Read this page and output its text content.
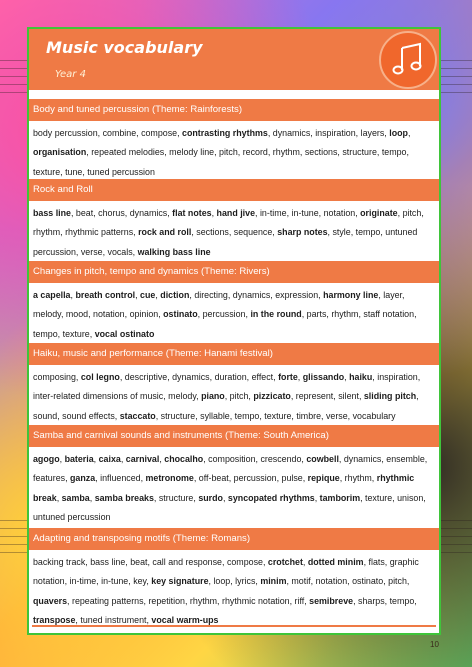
Music vocabulary
Year 4
Body and tuned percussion (Theme: Rainforests)
body percussion, combine, compose, contrasting rhythms, dynamics, inspiration, layers, loop, organisation, repeated melodies, melody line, pitch, record, rhythm, sections, structure, tempo, texture, tune, tuned percussion
Rock and Roll
bass line, beat, chorus, dynamics, flat notes, hand jive, in-time, in-tune, notation, originate, pitch, rhythm, rhythmic patterns, rock and roll, sections, sequence, sharp notes, style, tempo, untuned percussion, verse, vocals, walking bass line
Changes in pitch, tempo and dynamics (Theme: Rivers)
a capella, breath control, cue, diction, directing, dynamics, expression, harmony line, layer, melody, mood, notation, opinion, ostinato, percussion, in the round, parts, rhythm, staff notation, tempo, texture, vocal ostinato
Haiku, music and performance (Theme: Hanami festival)
composing, col legno, descriptive, dynamics, duration, effect, forte, glissando, haiku, inspiration, inter-related dimensions of music, melody, piano, pitch, pizzicato, represent, silent, sliding pitch, sound, sound effects, staccato, structure, syllable, tempo, texture, timbre, verse, vocabulary
Samba and carnival sounds and instruments (Theme: South America)
agogo, bateria, caixa, carnival, chocalho, composition, crescendo, cowbell, dynamics, ensemble, features, ganza, influenced, metronome, off-beat, percussion, pulse, repique, rhythm, rhythmic break, samba, samba breaks, structure, surdo, syncopated rhythms, tamborim, texture, unison, untuned percussion
Adapting and transposing motifs (Theme: Romans)
backing track, bass line, beat, call and response, compose, crotchet, dotted minim, flats, graphic notation, in-time, in-tune, key, key signature, loop, lyrics, minim, motif, notation, ostinato, pitch, quavers, repeating patterns, repetition, rhythm, rhythmic notation, riff, semibreve, sharps, tempo, transpose, tuned instrument, vocal warm-ups
10
